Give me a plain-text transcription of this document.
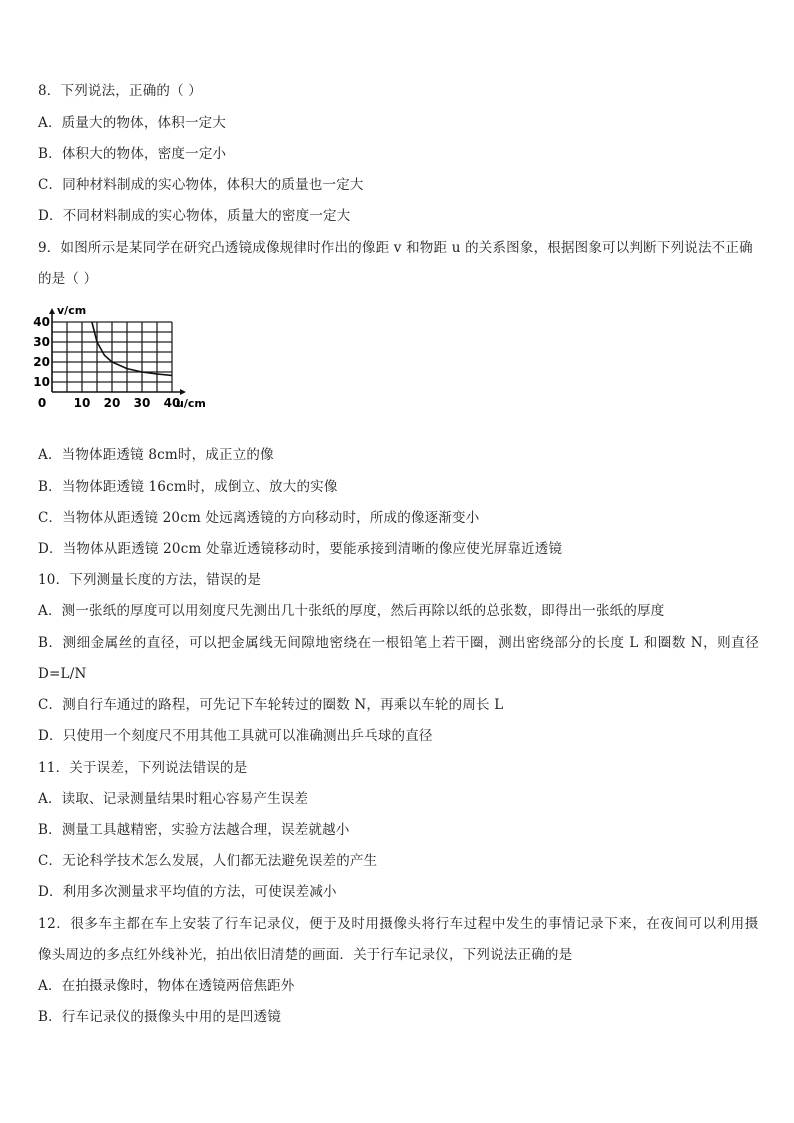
8．下列说法，正确的（ ）
A．质量大的物体，体积一定大
B．体积大的物体，密度一定小
C．同种材料制成的实心物体，体积大的质量也一定大
D．不同材料制成的实心物体，质量大的密度一定大
9．如图所示是某同学在研究凸透镜成像规律时作出的像距 v 和物距 u 的关系图象，根据图象可以判断下列说法不正确
的是（ ）
0 10 20 30 40
10
20
30
40
u/cm
v/cm
A．当物体距透镜 8cm时，成正立的像
B．当物体距透镜 16cm时，成倒立、放大的实像
C．当物体从距透镜 20cm 处远离透镜的方向移动时，所成的像逐渐变小
D．当物体从距透镜 20cm 处靠近透镜移动时，要能承接到清晰的像应使光屏靠近透镜
10．下列测量长度的方法，错误的是
A．测一张纸的厚度可以用刻度尺先测出几十张纸的厚度，然后再除以纸的总张数，即得出一张纸的厚度
B．测细金属丝的直径，可以把金属线无间隙地密绕在一根铅笔上若干圈，测出密绕部分的长度 L 和圈数 N，则直径
D=L/N
C．测自行车通过的路程，可先记下车轮转过的圈数 N，再乘以车轮的周长 L
D．只使用一个刻度尺不用其他工具就可以准确测出乒乓球的直径
11．关于误差，下列说法错误的是
A．读取、记录测量结果时粗心容易产生误差
B．测量工具越精密，实验方法越合理，误差就越小
C．无论科学技术怎么发展，人们都无法避免误差的产生
D．利用多次测量求平均值的方法，可使误差减小
12．很多车主都在车上安装了行车记录仪，便于及时用摄像头将行车过程中发生的事情记录下来，在夜间可以利用摄
像头周边的多点红外线补光，拍出依旧清楚的画面．关于行车记录仪，下列说法正确的是
A．在拍摄录像时，物体在透镜两倍焦距外
B．行车记录仪的摄像头中用的是凹透镜
